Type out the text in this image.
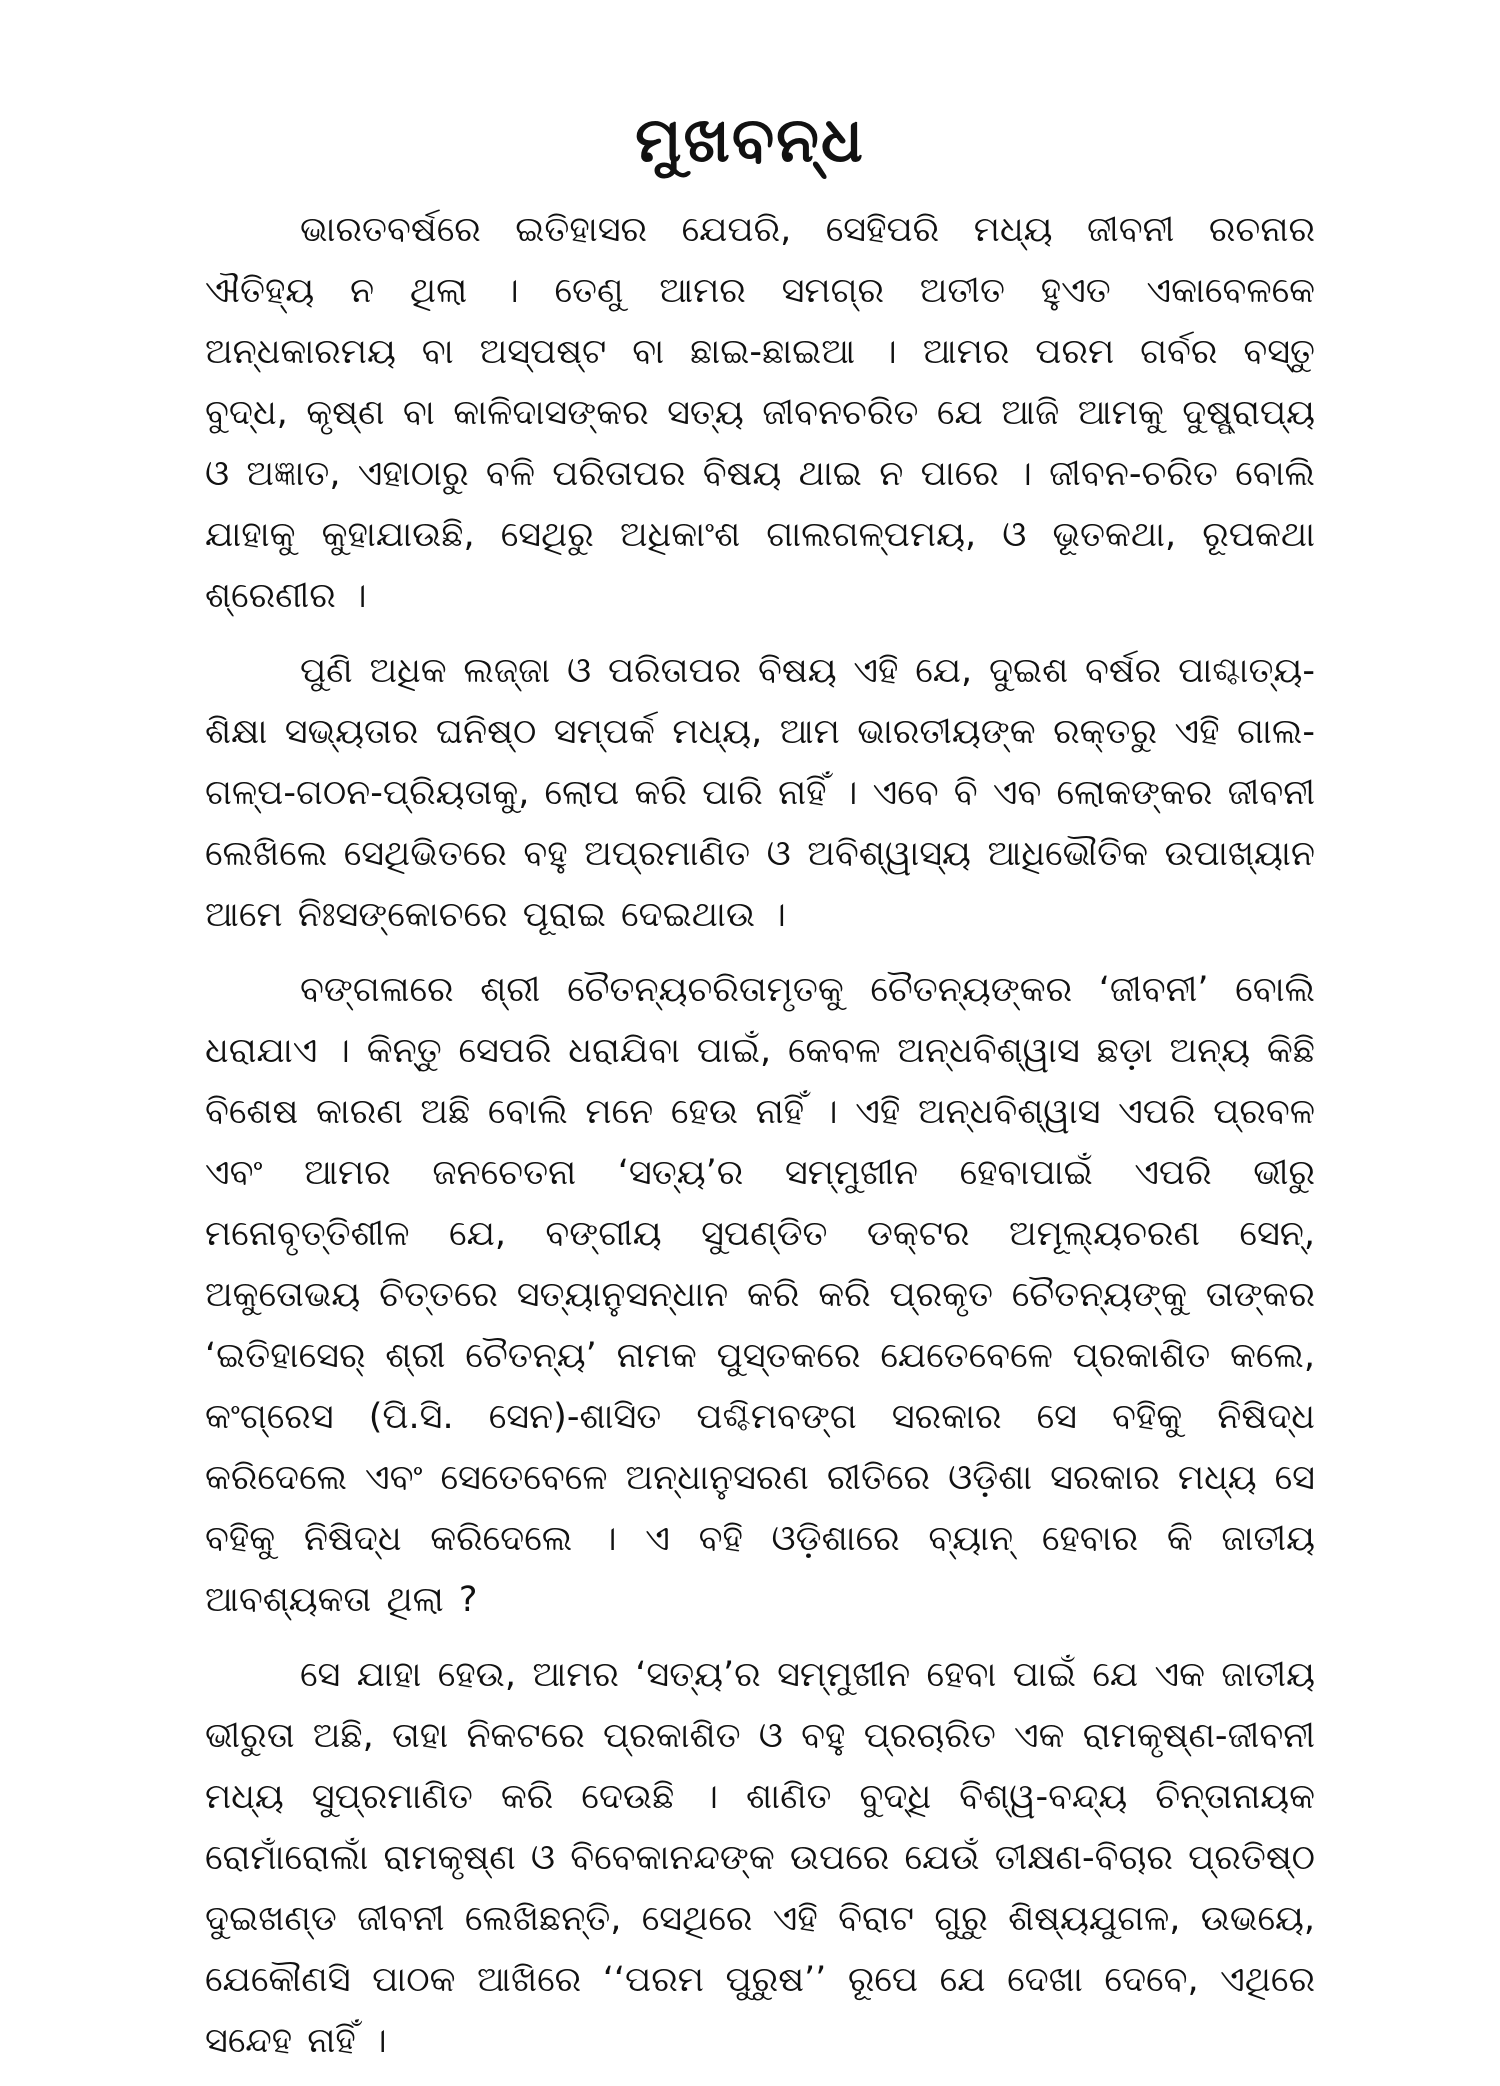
ମୁଖବନ୍ଧ

ଭାରତବର୍ଷରେ ଇତିହାସର ଯେପରି, ସେହିପରି ମଧ୍ୟ ଜୀବନୀ ରଚନାର ଐତିହ୍ୟ ନ ଥିଲା । ତେଣୁ ଆମର ସମଗ୍ର ଅତୀତ ହୁଏତ ଏକାବେଳକେ ଅନ୍ଧକାରମୟ ବା ଅସ୍ପଷ୍ଟ ବା ଛାଇ-ଛାଇଆ । ଆମର ପରମ ଗର୍ବର ବସ୍ତୁ ବୁଦ୍ଧ, କୃଷ୍ଣ ବା କାଳିଦାସଙ୍କର ସତ୍ୟ ଜୀବନଚରିତ ଯେ ଆଜି ଆମକୁ ଦୁଷ୍ପ୍ରାପ୍ୟ ଓ ଅଜ୍ଞାତ, ଏହାଠାରୁ ବଳି ପରିତାପର ବିଷୟ ଥାଇ ନ ପାରେ । ଜୀବନ-ଚରିତ ବୋଲି ଯାହାକୁ କୁହାଯାଉଛି, ସେଥିରୁ ଅଧିକାଂଶ ଗାଲଗଳ୍ପମୟ, ଓ ଭୂତକଥା, ରୂପକଥା ଶ୍ରେଣୀର ।

ପୁଣି ଅଧିକ ଲଜ୍ଜା ଓ ପରିତାପର ବିଷୟ ଏହି ଯେ, ଦୁଇଶ ବର୍ଷର ପାଶ୍ଚାତ୍ୟ-ଶିକ୍ଷା ସଭ୍ୟତାର ଘନିଷ୍ଠ ସମ୍ପର୍କ ମଧ୍ୟ, ଆମ ଭାରତୀୟଙ୍କ ରକ୍ତରୁ ଏହି ଗାଲ-ଗଳ୍ପ-ଗଠନ-ପ୍ରିୟତାକୁ, ଲୋପ କରି ପାରି ନାହିଁ । ଏବେ ବି ଏବ ଲୋକଙ୍କର ଜୀବନୀ ଲେଖିଲେ ସେଥିଭିତରେ ବହୁ ଅପ୍ରମାଣିତ ଓ ଅବିଶ୍ୱାସ୍ୟ ଆଧିଭୌତିକ ଉପାଖ୍ୟାନ ଆମେ ନିଃସଙ୍କୋଚରେ ପୂରାଇ ଦେଇଥାଉ ।

ବଙ୍ଗଳାରେ ଶ୍ରୀ ଚୈତନ୍ୟଚରିତାମୃତକୁ ଚୈତନ୍ୟଙ୍କର ‘ଜୀବନୀ’ ବୋଲି ଧରାଯାଏ । କିନ୍ତୁ ସେପରି ଧରାଯିବା ପାଇଁ, କେବଳ ଅନ୍ଧବିଶ୍ୱାସ ଛଡ଼ା ଅନ୍ୟ କିଛି ବିଶେଷ କାରଣ ଅଛି ବୋଲି ମନେ ହେଉ ନାହିଁ । ଏହି ଅନ୍ଧବିଶ୍ୱାସ ଏପରି ପ୍ରବଳ ଏବଂ ଆମର ଜନଚେତନା ‘ସତ୍ୟ’ର ସମ୍ମୁଖୀନ ହେବାପାଇଁ ଏପରି ଭୀରୁ ମନୋବୃତ୍ତିଶୀଳ ଯେ, ବଙ୍ଗୀୟ ସୁପଣ୍ଡିତ ଡକ୍ଟର ଅମୂଲ୍ୟଚରଣ ସେନ୍, ଅକୁତୋଭୟ ଚିତ୍ତରେ ସତ୍ୟାନୁସନ୍ଧାନ କରି କରି ପ୍ରକୃତ ଚୈତନ୍ୟଙ୍କୁ ତାଙ୍କର ‘ଇତିହାସେର୍ ଶ୍ରୀ ଚୈତନ୍ୟ’ ନାମକ ପୁସ୍ତକରେ ଯେତେବେଳେ ପ୍ରକାଶିତ କଲେ, କଂଗ୍ରେସ (ପି.ସି. ସେନ)-ଶାସିତ ପଶ୍ଚିମବଙ୍ଗ ସରକାର ସେ ବହିକୁ ନିଷିଦ୍ଧ କରିଦେଲେ ଏବଂ ସେତେବେଳେ ଅନ୍ଧାନୁସରଣ ରୀତିରେ ଓଡ଼ିଶା ସରକାର ମଧ୍ୟ ସେ ବହିକୁ ନିଷିଦ୍ଧ କରିଦେଲେ । ଏ ବହି ଓଡ଼ିଶାରେ ବ୍ୟାନ୍ ହେବାର କି ଜାତୀୟ ଆବଶ୍ୟକତା ଥିଲା ?

ସେ ଯାହା ହେଉ, ଆମର ‘ସତ୍ୟ’ର ସମ୍ମୁଖୀନ ହେବା ପାଇଁ ଯେ ଏକ ଜାତୀୟ ଭୀରୁତା ଅଛି, ତାହା ନିକଟରେ ପ୍ରକାଶିତ ଓ ବହୁ ପ୍ରଚାରିତ ଏକ ରାମକୃଷ୍ଣ-ଜୀବନୀ ମଧ୍ୟ ସୁପ୍ରମାଣିତ କରି ଦେଉଛି । ଶାଣିତ ବୁଦ୍ଧି ବିଶ୍ୱ-ବନ୍ଦ୍ୟ ଚିନ୍ତାନାୟକ ରୋମାଁରୋଲାଁ ରାମକୃଷ୍ଣ ଓ ବିବେକାନନ୍ଦଙ୍କ ଉପରେ ଯେଉଁ ତୀକ୍ଷଣ-ବିଚାର ପ୍ରତିଷ୍ଠ ଦୁଇଖଣ୍ଡ ଜୀବନୀ ଲେଖିଛନ୍ତି, ସେଥିରେ ଏହି ବିରାଟ ଗୁରୁ ଶିଷ୍ୟଯୁଗଳ, ଉଭୟେ, ଯେକୌଣସି ପାଠକ ଆଖିରେ ‘‘ପରମ ପୁରୁଷ’’ ରୂପେ ଯେ ଦେଖା ଦେବେ, ଏଥିରେ ସନ୍ଦେହ ନାହିଁ ।
